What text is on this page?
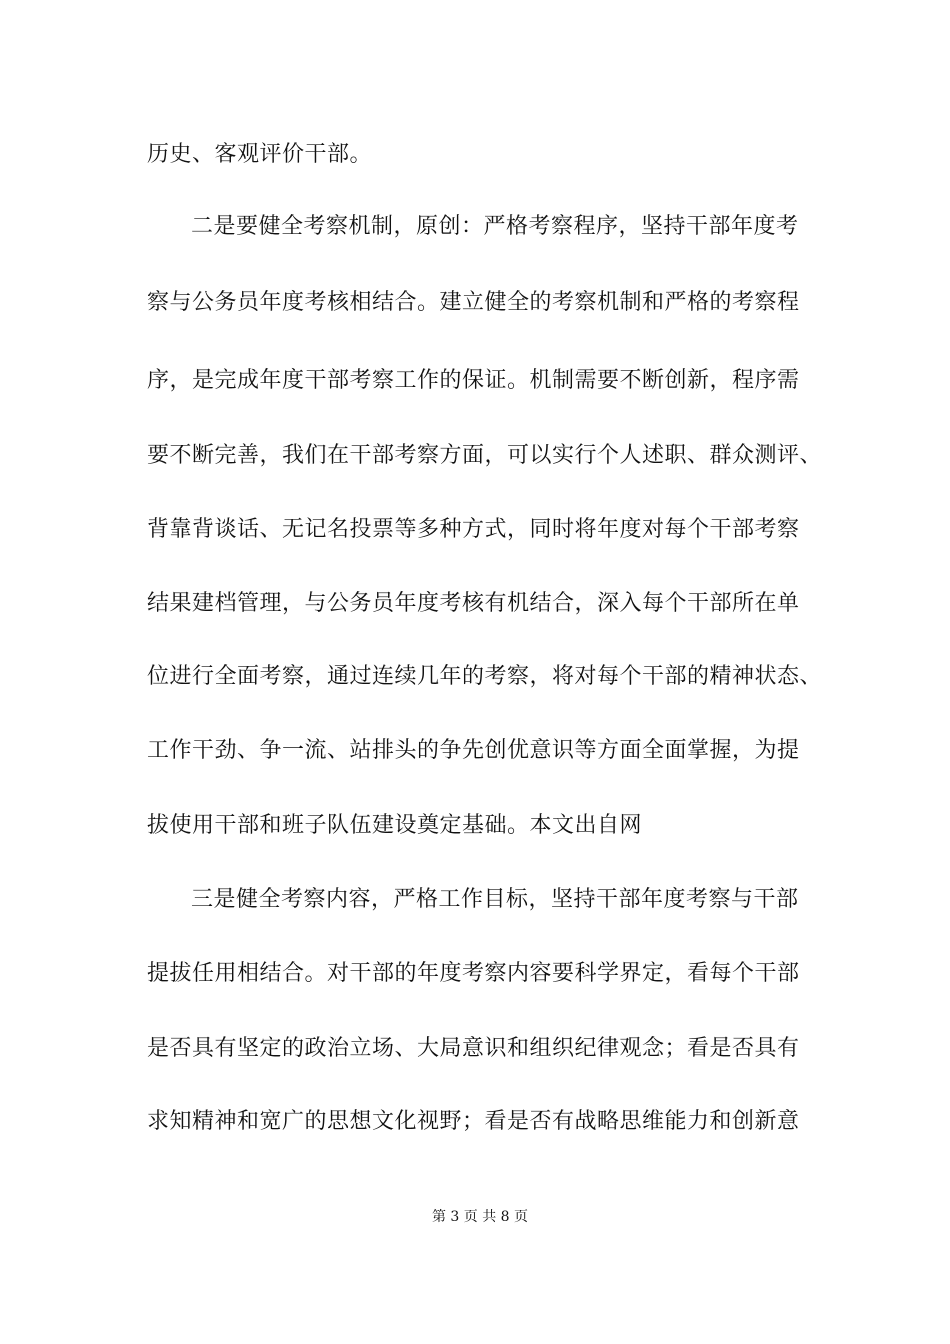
历史、客观评价干部。
二是要健全考察机制，原创：严格考察程序，坚持干部年度考
察与公务员年度考核相结合。建立健全的考察机制和严格的考察程
序，是完成年度干部考察工作的保证。机制需要不断创新，程序需
要不断完善，我们在干部考察方面，可以实行个人述职、群众测评、
背靠背谈话、无记名投票等多种方式，同时将年度对每个干部考察
结果建档管理，与公务员年度考核有机结合，深入每个干部所在单
位进行全面考察，通过连续几年的考察，将对每个干部的精神状态、
工作干劲、争一流、站排头的争先创优意识等方面全面掌握，为提
拔使用干部和班子队伍建设奠定基础。本文出自网
三是健全考察内容，严格工作目标，坚持干部年度考察与干部
提拔任用相结合。对干部的年度考察内容要科学界定，看每个干部
是否具有坚定的政治立场、大局意识和组织纪律观念；看是否具有
求知精神和宽广的思想文化视野；看是否有战略思维能力和创新意
第 3 页 共 8 页
